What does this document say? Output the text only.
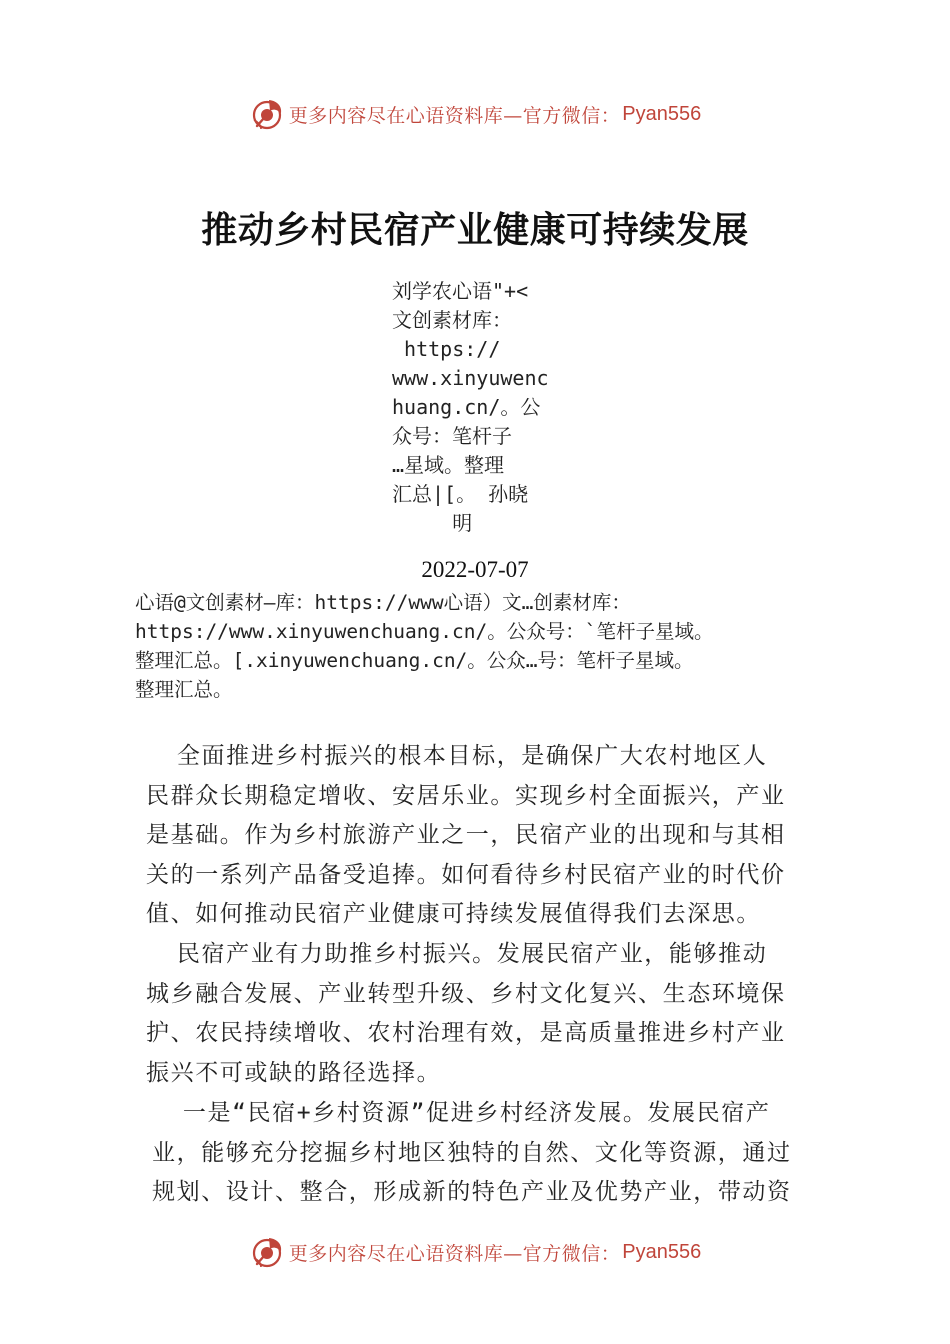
更多内容尽在心语资料库—官方微信： Pyan556
推动乡村民宿产业健康可持续发展
刘学农心语"+<
文创素材库：
https://
www.xinyuwenc
huang.cn/。公
众号：笔杆子
…星域。整理
汇总|[。 孙晓
明
2022-07-07
心语@文创素材—库：https://www心语）文…创素材库：
https://www.xinyuwenchuang.cn/。公众号：`笔杆子星域。
整理汇总。[.xinyuwenchuang.cn/。公众…号：笔杆子星域。
整理汇总。
全面推进乡村振兴的根本目标，是确保广大农村地区人
民群众长期稳定增收、安居乐业。实现乡村全面振兴，产业
是基础。作为乡村旅游产业之一，民宿产业的出现和与其相
关的一系列产品备受追捧。如何看待乡村民宿产业的时代价
值、如何推动民宿产业健康可持续发展值得我们去深思。
民宿产业有力助推乡村振兴。发展民宿产业，能够推动
城乡融合发展、产业转型升级、乡村文化复兴、生态环境保
护、农民持续增收、农村治理有效，是高质量推进乡村产业
振兴不可或缺的路径选择。
一是“民宿+乡村资源”促进乡村经济发展。发展民宿产
业，能够充分挖掘乡村地区独特的自然、文化等资源，通过
规划、设计、整合，形成新的特色产业及优势产业，带动资
更多内容尽在心语资料库—官方微信： Pyan556
